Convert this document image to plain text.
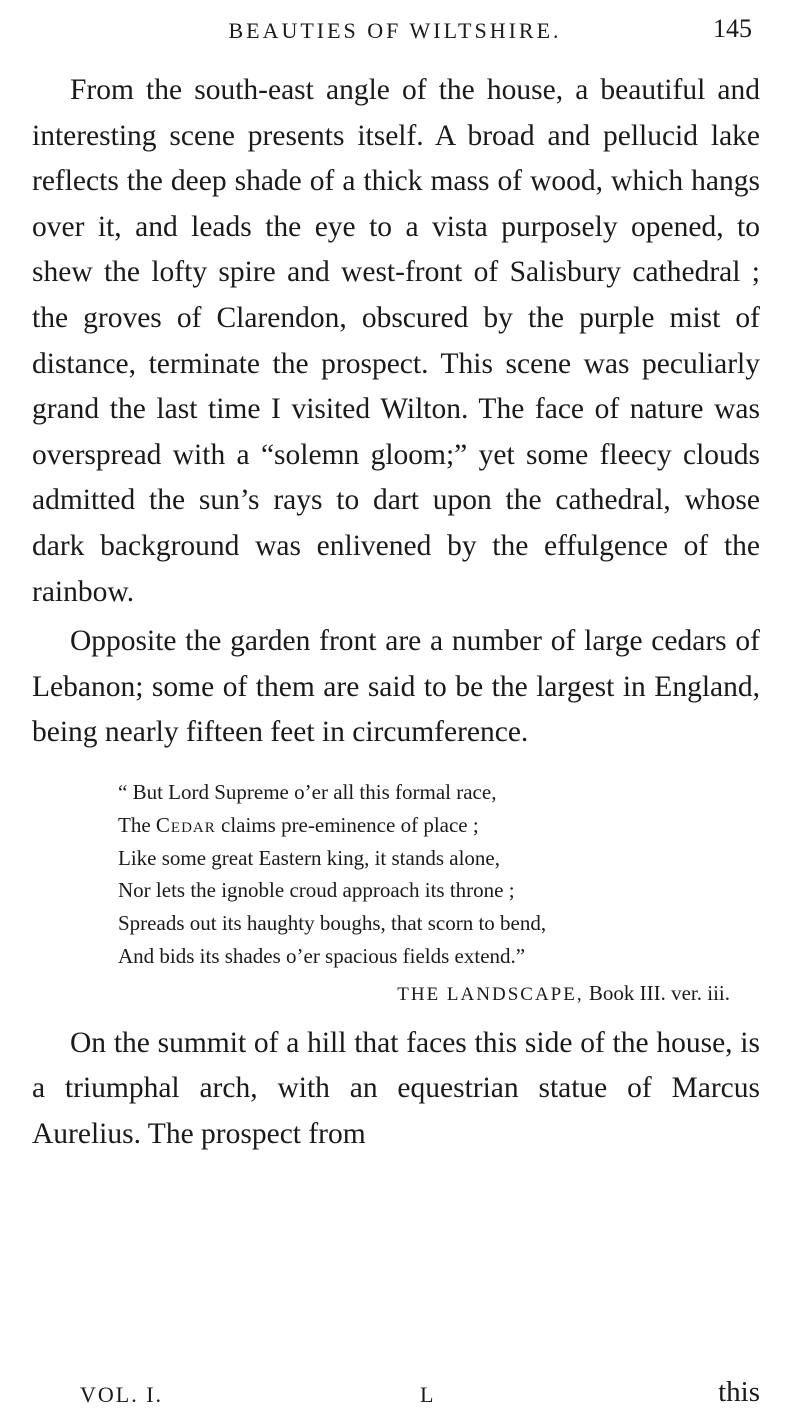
BEAUTIES OF WILTSHIRE.	145

From the south-east angle of the house, a beautiful and interesting scene presents itself. A broad and pellucid lake reflects the deep shade of a thick mass of wood, which hangs over it, and leads the eye to a vista purposely opened, to shew the lofty spire and west-front of Salisbury cathedral ; the groves of Clarendon, obscured by the purple mist of distance, terminate the prospect. This scene was peculiarly grand the last time I visited Wilton. The face of nature was overspread with a “solemn gloom;” yet some fleecy clouds admitted the sun’s rays to dart upon the cathedral, whose dark background was enlivened by the effulgence of the rainbow.

Opposite the garden front are a number of large cedars of Lebanon; some of them are said to be the largest in England, being nearly fifteen feet in circumference.

“ But Lord Supreme o’er all this formal race,
The Cedar claims pre-eminence of place ;
Like some great Eastern king, it stands alone,
Nor lets the ignoble croud approach its throne ;
Spreads out its haughty boughs, that scorn to bend,
And bids its shades o’er spacious fields extend.”
THE LANDSCAPE, Book III. ver. iii.

On the summit of a hill that faces this side of the house, is a triumphal arch, with an equestrian statue of Marcus Aurelius. The prospect from

VOL. I.	L	this
